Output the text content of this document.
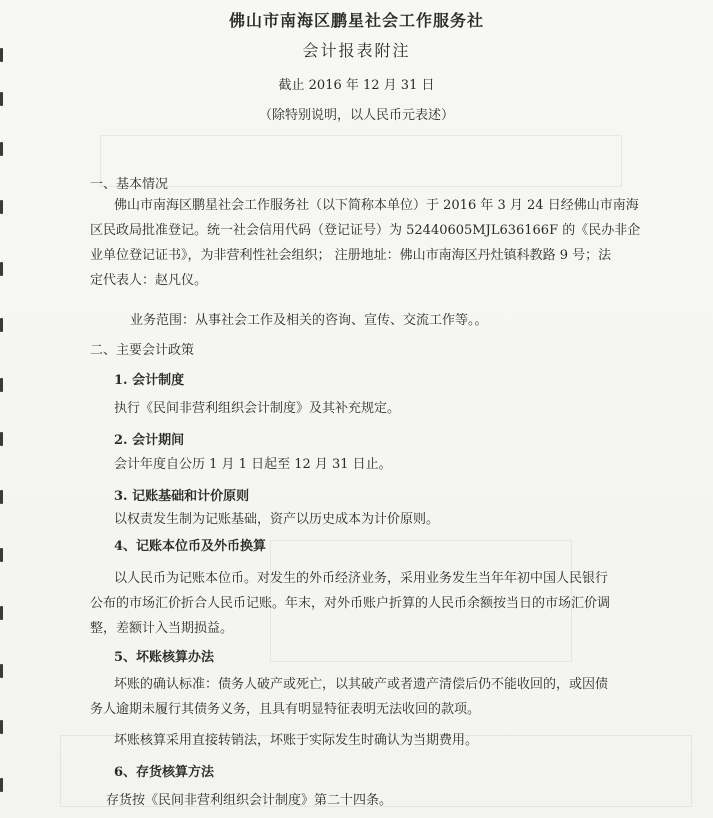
佛山市南海区鹏星社会工作服务社
会计报表附注
截止 2016 年 12 月 31 日
（除特别说明，以人民币元表述）
一、基本情况
佛山市南海区鹏星社会工作服务社（以下简称本单位）于 2016 年 3 月 24 日经佛山市南海
区民政局批准登记。统一社会信用代码（登记证号）为 52440605MJL636166F 的《民办非企
业单位登记证书》，为非营利性社会组织； 注册地址：佛山市南海区丹灶镇科教路 9 号；法
定代表人：赵凡仪。
业务范围：从事社会工作及相关的咨询、宣传、交流工作等。。
二、主要会计政策
1. 会计制度
执行《民间非营利组织会计制度》及其补充规定。
2. 会计期间
会计年度自公历 1 月 1 日起至 12 月 31 日止。
3. 记账基础和计价原则
以权责发生制为记账基础，资产以历史成本为计价原则。
4、记账本位币及外币换算
以人民币为记账本位币。对发生的外币经济业务，采用业务发生当年年初中国人民银行
公布的市场汇价折合人民币记账。年末，对外币账户折算的人民币余额按当日的市场汇价调
整，差额计入当期损益。
5、坏账核算办法
坏账的确认标准：债务人破产或死亡，以其破产或者遗产清偿后仍不能收回的，或因债
务人逾期未履行其债务义务，且具有明显特征表明无法收回的款项。
坏账核算采用直接转销法，坏账于实际发生时确认为当期费用。
6、存货核算方法
存货按《民间非营利组织会计制度》第二十四条。
